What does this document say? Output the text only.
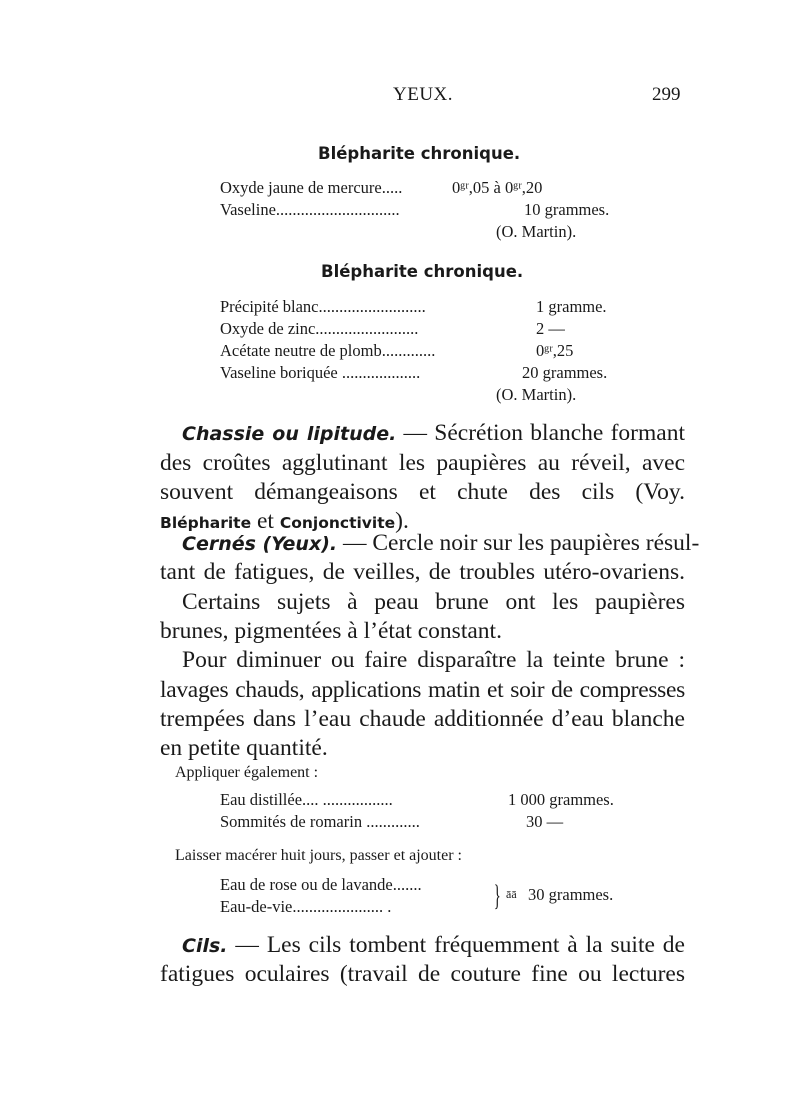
YEUX.	299
Blépharite chronique.
Oxyde jaune de mercure.....	0ᵍʳ,05 à 0ᵍʳ,20
Vaseline..............................	10 grammes.
(O. Martin).
Blépharite chronique.
Précipité blanc..........................	1 gramme.
Oxyde de zinc.........................	2 —
Acétate neutre de plomb.............	0ᵍʳ,25
Vaseline boriquée ...................	20 grammes.
(O. Martin).
Chassie ou lipitude. — Sécrétion blanche formant
des croûtes agglutinant les paupières au réveil, avec
souvent démangeaisons et chute des cils (Voy.
Blépharite et Conjonctivite).
Cernés (Yeux). — Cercle noir sur les paupières résul-
tant de fatigues, de veilles, de troubles utéro-ovariens.
Certains sujets à peau brune ont les paupières
brunes, pigmentées à l’état constant.
Pour diminuer ou faire disparaître la teinte brune :
lavages chauds, applications matin et soir de compresses
trempées dans l’eau chaude additionnée d’eau blanche
en petite quantité.
Appliquer également :
Eau distillée.... .................	1 000 grammes.
Sommités de romarin .............	30 —
Laisser macérer huit jours, passer et ajouter :
Eau de rose ou de lavande.......
Eau-de-vie...................... .	} āā 30 grammes.
Cils. — Les cils tombent fréquemment à la suite de
fatigues oculaires (travail de couture fine ou lectures
